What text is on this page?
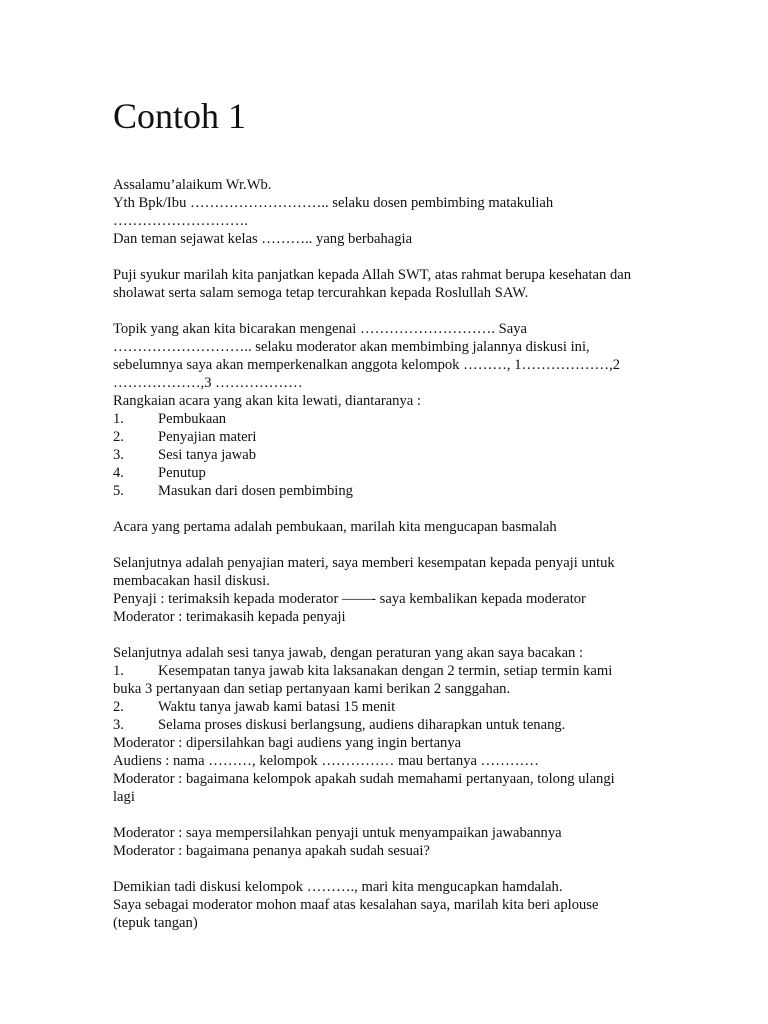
Contoh 1
Assalamu’alaikum Wr.Wb.
Yth Bpk/Ibu ……………………….. selaku dosen pembimbing matakuliah
……………………….
Dan teman sejawat kelas ……….. yang berbahagia
Puji syukur marilah kita panjatkan kepada Allah SWT, atas rahmat berupa kesehatan dan
sholawat serta salam semoga tetap tercurahkan kepada Roslullah SAW.
Topik yang akan kita bicarakan mengenai ………………………. Saya
……………………….. selaku moderator akan membimbing jalannya diskusi ini,
sebelumnya saya akan memperkenalkan anggota kelompok ………, 1………………,2
………………,3 ………………
Rangkaian acara yang akan kita lewati, diantaranya :
1. Pembukaan
2. Penyajian materi
3. Sesi tanya jawab
4. Penutup
5. Masukan dari dosen pembimbing
Acara yang pertama adalah pembukaan, marilah kita mengucapan basmalah
Selanjutnya adalah penyajian materi, saya memberi kesempatan kepada penyaji untuk
membacakan hasil diskusi.
Penyaji : terimaksih kepada moderator ——- saya kembalikan kepada moderator
Moderator : terimakasih kepada penyaji
Selanjutnya adalah sesi tanya jawab, dengan peraturan yang akan saya bacakan :
1. Kesempatan tanya jawab kita laksanakan dengan 2 termin, setiap termin kami
buka 3 pertanyaan dan setiap pertanyaan kami berikan 2 sanggahan.
2. Waktu tanya jawab kami batasi 15 menit
3. Selama proses diskusi berlangsung, audiens diharapkan untuk tenang.
Moderator : dipersilahkan bagi audiens yang ingin bertanya
Audiens : nama ………, kelompok …………… mau bertanya …………
Moderator : bagaimana kelompok apakah sudah memahami pertanyaan, tolong ulangi
lagi
Moderator : saya mempersilahkan penyaji untuk menyampaikan jawabannya
Moderator : bagaimana penanya apakah sudah sesuai?
Demikian tadi diskusi kelompok ………., mari kita mengucapkan hamdalah.
Saya sebagai moderator mohon maaf atas kesalahan saya, marilah kita beri aplouse
(tepuk tangan)
